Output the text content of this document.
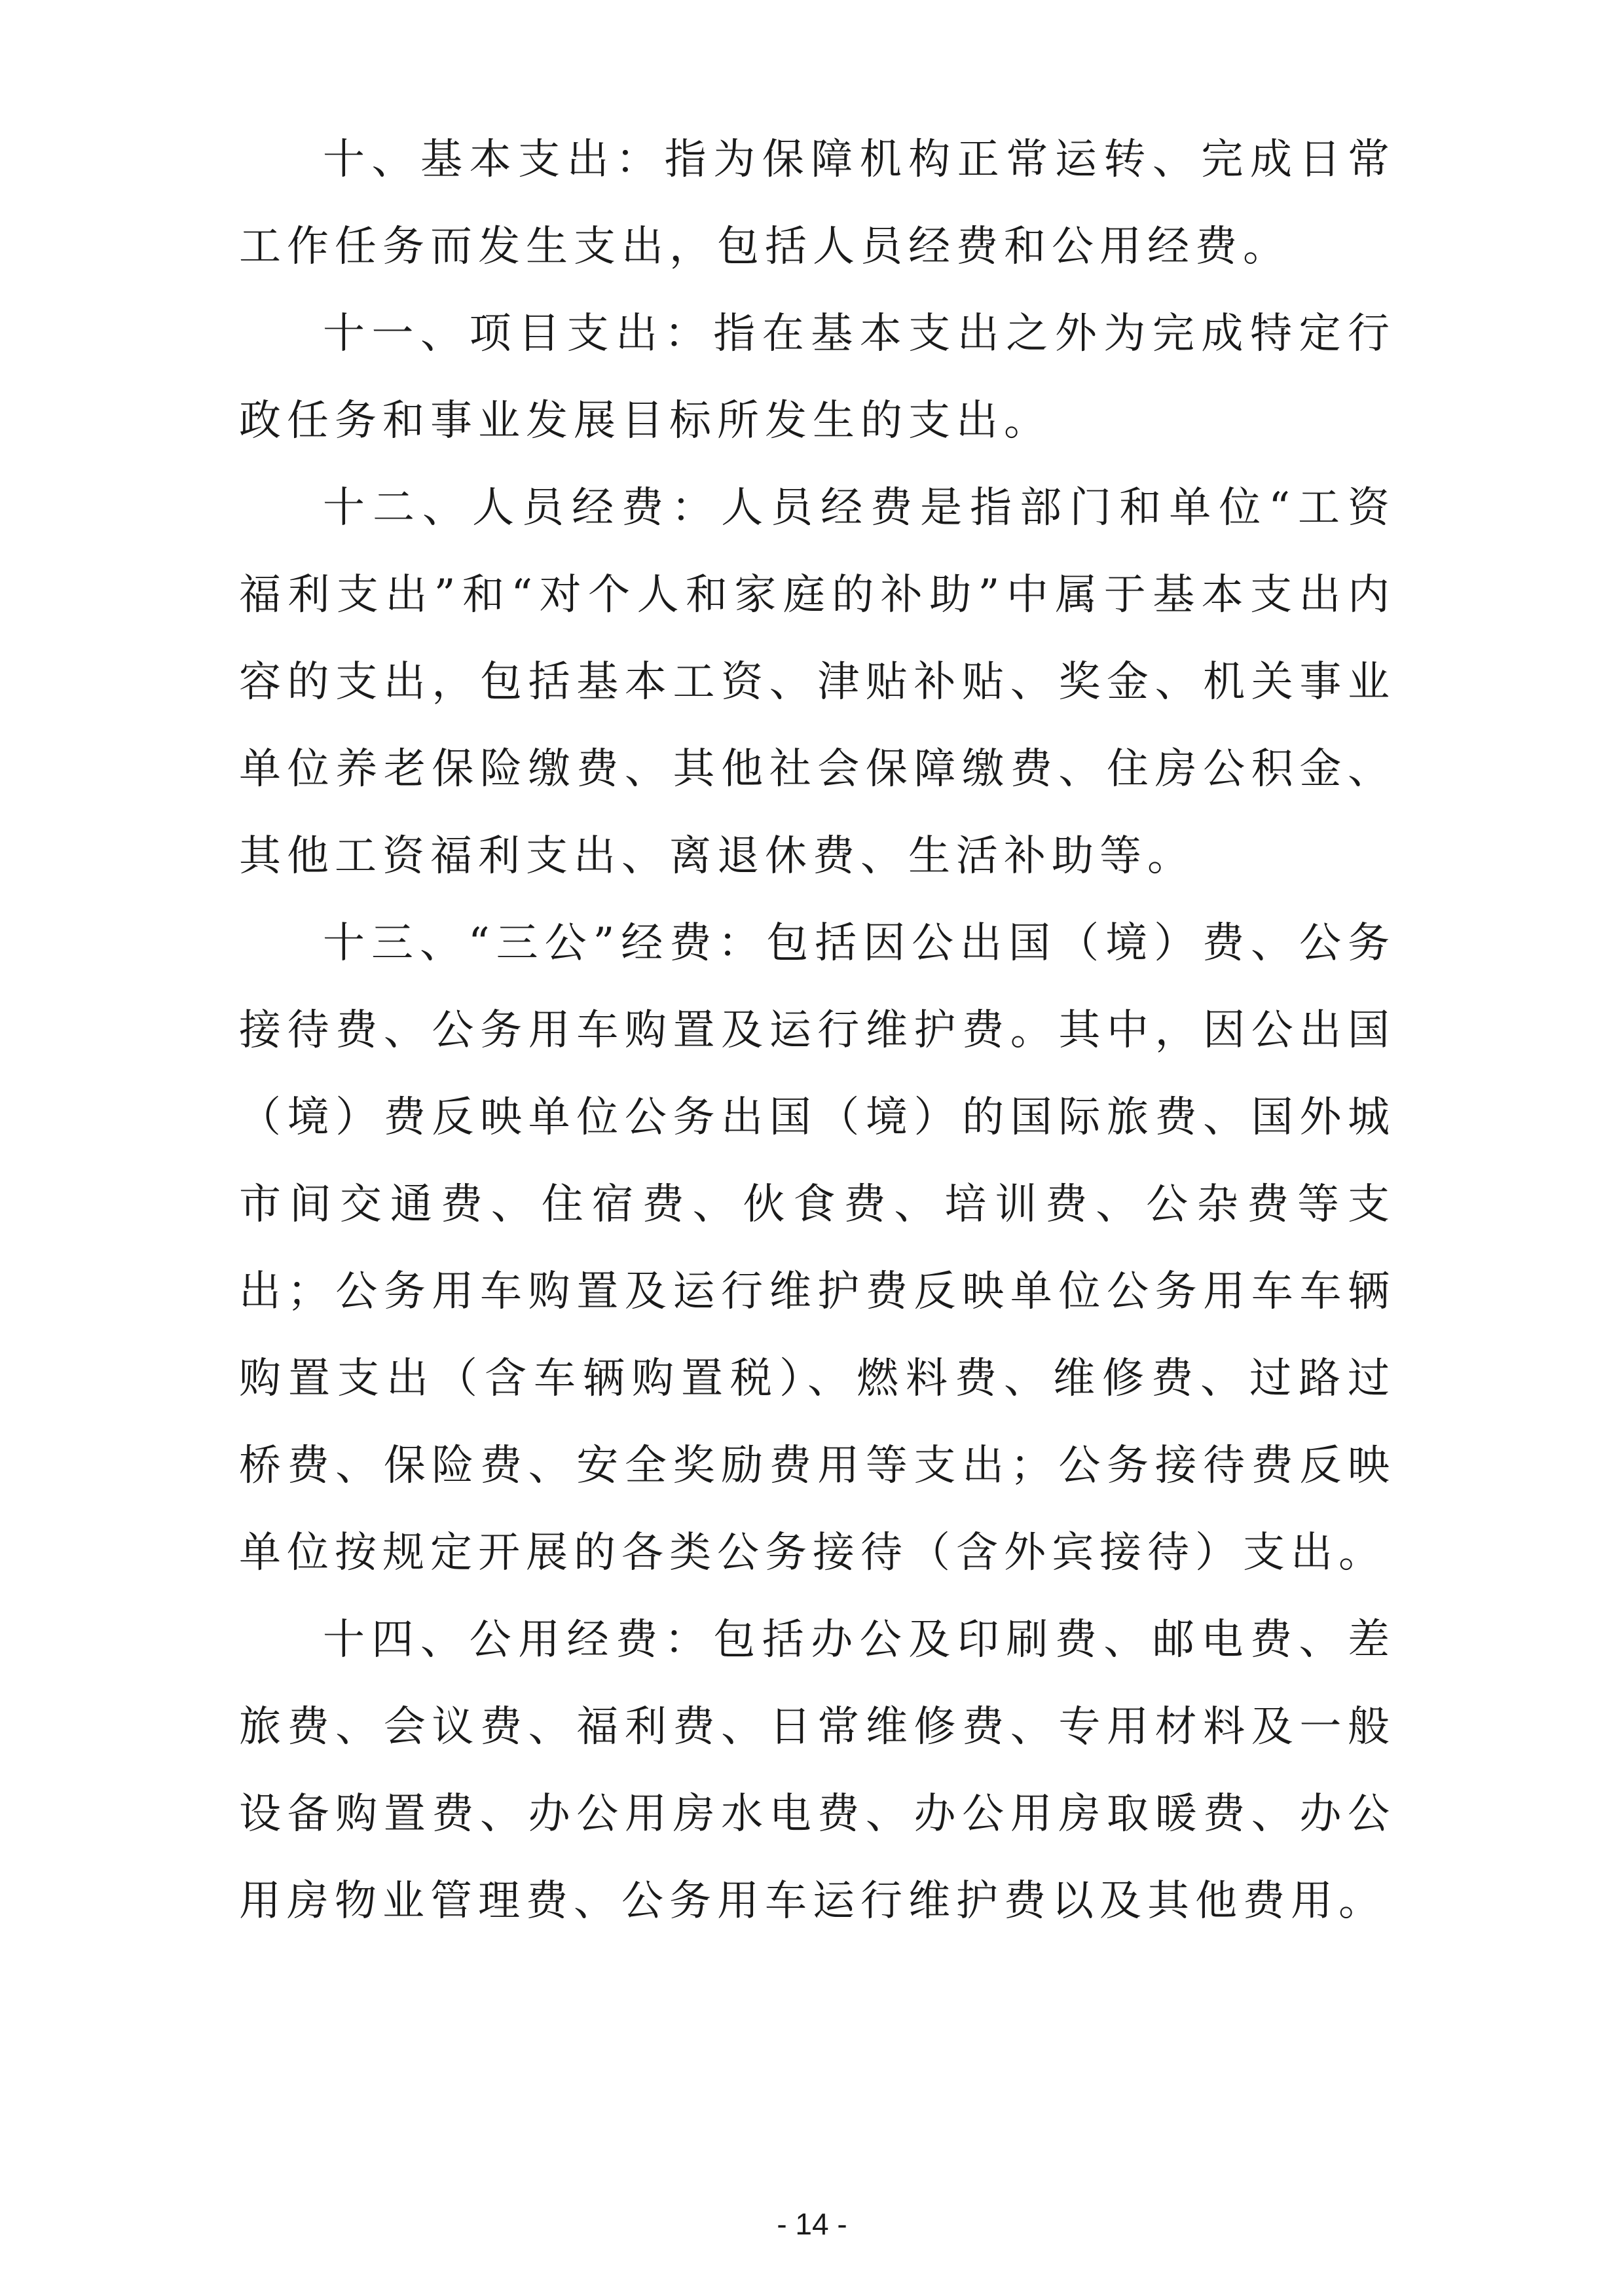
十、基本支出：指为保障机构正常运转、完成日常工作任务而发生支出，包括人员经费和公用经费。

十一、项目支出：指在基本支出之外为完成特定行政任务和事业发展目标所发生的支出。

十二、人员经费：人员经费是指部门和单位“工资福利支出”和“对个人和家庭的补助”中属于基本支出内容的支出，包括基本工资、津贴补贴、奖金、机关事业单位养老保险缴费、其他社会保障缴费、住房公积金、其他工资福利支出、离退休费、生活补助等。

十三、“三公”经费：包括因公出国（境）费、公务接待费、公务用车购置及运行维护费。其中，因公出国（境）费反映单位公务出国（境）的国际旅费、国外城市间交通费、住宿费、伙食费、培训费、公杂费等支出；公务用车购置及运行维护费反映单位公务用车车辆购置支出（含车辆购置税）、燃料费、维修费、过路过桥费、保险费、安全奖励费用等支出；公务接待费反映单位按规定开展的各类公务接待（含外宾接待）支出。

十四、公用经费：包括办公及印刷费、邮电费、差旅费、会议费、福利费、日常维修费、专用材料及一般设备购置费、办公用房水电费、办公用房取暖费、办公用房物业管理费、公务用车运行维护费以及其他费用。

- 14 -
